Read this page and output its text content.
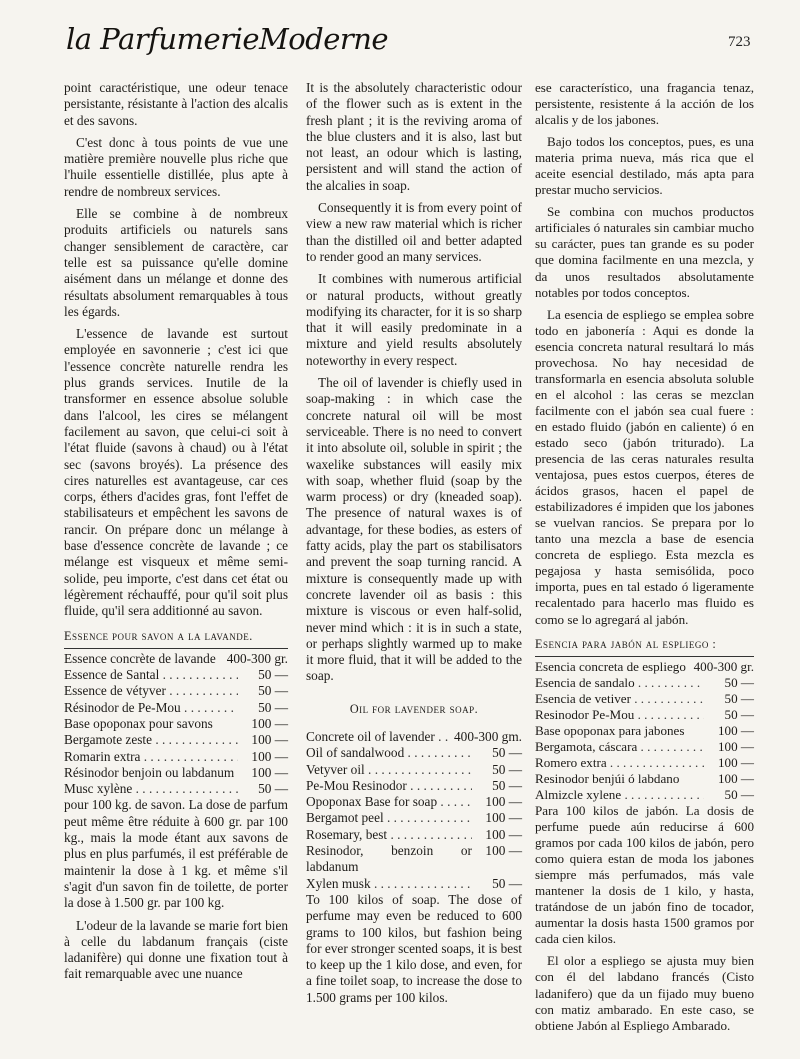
la ParfumerieModerne	723

point caractéristique, une odeur tenace persistante, résistante à l'action des alcalis et des savons.

C'est donc à tous points de vue une matière première nouvelle plus riche que l'huile essentielle distillée, plus apte à rendre de nombreux services.

Elle se combine à de nombreux produits artificiels ou naturels sans changer sensiblement de caractère, car telle est sa puissance qu'elle domine aisément dans un mélange et donne des résultats absolument remarquables à tous les égards.

L'essence de lavande est surtout employée en savonnerie ; c'est ici que l'essence concrète naturelle rendra les plus grands services. Inutile de la transformer en essence absolue soluble dans l'alcool, les cires se mélangent facilement au savon, que celui-ci soit à l'état fluide (savons à chaud) ou à l'état sec (savons broyés). La présence des cires naturelles est avantageuse, car ces corps, éthers d'acides gras, font l'effet de stabilisateurs et empêchent les savons de rancir. On prépare donc un mélange à base d'essence concrète de lavande ; ce mélange est visqueux et même semi-solide, peu importe, c'est dans cet état ou légèrement réchauffé, pour qu'il soit plus fluide, qu'il sera additionné au savon.

Essence pour savon a la lavande.
Essence concrète de lavande 400-300 gr.
Essence de Santal . . .	50 —
Essence de vétyver . . .	50 —
Résinodor de Pe-Mou . . .	50 —
Base opoponax pour savons	100 —
Bergamote zeste . . .	100 —
Romarin extra . . .	100 —
Résinodor benjoin ou labdanum	100 —
Musc xylène . . .	50 —

pour 100 kg. de savon. La dose de parfum peut même être réduite à 600 gr. par 100 kg., mais la mode étant aux savons de plus en plus parfumés, il est préférable de maintenir la dose à 1 kg. et même s'il s'agit d'un savon fin de toilette, de porter la dose à 1.500 gr. par 100 kg.

L'odeur de la lavande se marie fort bien à celle du labdanum français (ciste ladanifère) qui donne une fixation tout à fait remarquable avec une nuance

It is the absolutely characteristic odour of the flower such as is extent in the fresh plant ; it is the reviving aroma of the blue clusters and it is also, last but not least, an odour which is lasting, persistent and will stand the action of the alcalies in soap.

Consequently it is from every point of view a new raw material which is richer than the distilled oil and better adapted to render good an many services.

It combines with numerous artificial or natural products, without greatly modifying its character, for it is so sharp that it will easily predominate in a mixture and yield results absolutely noteworthy in every respect.

The oil of lavender is chiefly used in soap-making : in which case the concrete natural oil will be most serviceable. There is no need to convert it into absolute oil, soluble in spirit ; the waxelike substances will easily mix with soap, whether fluid (soap by the warm process) or dry (kneaded soap). The presence of natural waxes is of advantage, for these bodies, as esters of fatty acids, play the part os stabilisators and prevent the soap turning rancid. A mixture is consequently made up with concrete lavender oil as basis : this mixture is viscous or even half-solid, never mind which : it is in such a state, or perhaps slightly warmed up to make it more fluid, that it will be added to the soap.

Oil for lavender soap.
Concrete oil of lavender . . .	400-300 gm.
Oil of sandalwood . . .	50 —
Vetyver oil . . .	50 —
Pe-Mou Resinodor . . .	50 —
Opoponax Base for soap . . .	100 —
Bergamot peel . . .	100 —
Rosemary, best . . .	100 —
Resinodor, benzoin or labdanum
100 —
Xylen musk . . .	50 —

To 100 kilos of soap. The dose of perfume may even be reduced to 600 grams to 100 kilos, but fashion being for ever stronger scented soaps, it is best to keep up the 1 kilo dose, and even, for a fine toilet soap, to increase the dose to 1.500 grams per 100 kilos.

ese característico, una fragancia tenaz, persistente, resistente á la acción de los alcalis y de los jabones.

Bajo todos los conceptos, pues, es una materia prima nueva, más rica que el aceite esencial destilado, más apta para prestar mucho servicios.

Se combina con muchos productos artificiales ó naturales sin cambiar mucho su carácter, pues tan grande es su poder que domina facilmente en una mezcla, y da unos resultados absolutamente notables por todos conceptos.

La esencia de espliego se emplea sobre todo en jabonería : Aqui es donde la esencia concreta natural resultará lo más provechosa. No hay necesidad de transformarla en esencia absoluta soluble en el alcohol : las ceras se mezclan facilmente con el jabón sea cual fuere : en estado fluido (jabón en caliente) ó en estado seco (jabón triturado). La presencia de las ceras naturales resulta ventajosa, pues estos cuerpos, éteres de ácidos grasos, hacen el papel de estabilizadores é impiden que los jabones se vuelvan rancios. Se prepara por lo tanto una mezcla a base de esencia concreta de espliego. Esta mezcla es pegajosa y hasta semisólida, poco importa, pues en tal estado ó ligeramente recalentado para hacerlo mas fluido es como se lo agregará al jabón.

Esencia para jabón al espliego :
Esencia concreta de espliego 400-300 gr.
Esencia de sandalo . . .	50 —
Esencia de vetiver . . .	50 —
Resinodor Pe-Mou . . .	50 —
Base opoponax para jabones	100 —
Bergamota, cáscara . . .	100 —
Romero extra . . .	100 —
Resinodor benjúi ó labdano	100 —
Almizcle xylene . . .	50 —

Para 100 kilos de jabón. La dosis de perfume puede aún reducirse á 600 gramos por cada 100 kilos de jabón, pero como quiera estan de moda los jabones siempre más perfumados, más vale mantener la dosis de 1 kilo, y hasta, tratándose de un jabón fino de tocador, aumentar la dosis hasta 1500 gramos por cada cien kilos.

El olor a espliego se ajusta muy bien con él del labdano francés (Cisto ladanifero) que da un fijado muy bueno con matiz ambarado. En este caso, se obtiene Jabón al Espliego Ambarado.
